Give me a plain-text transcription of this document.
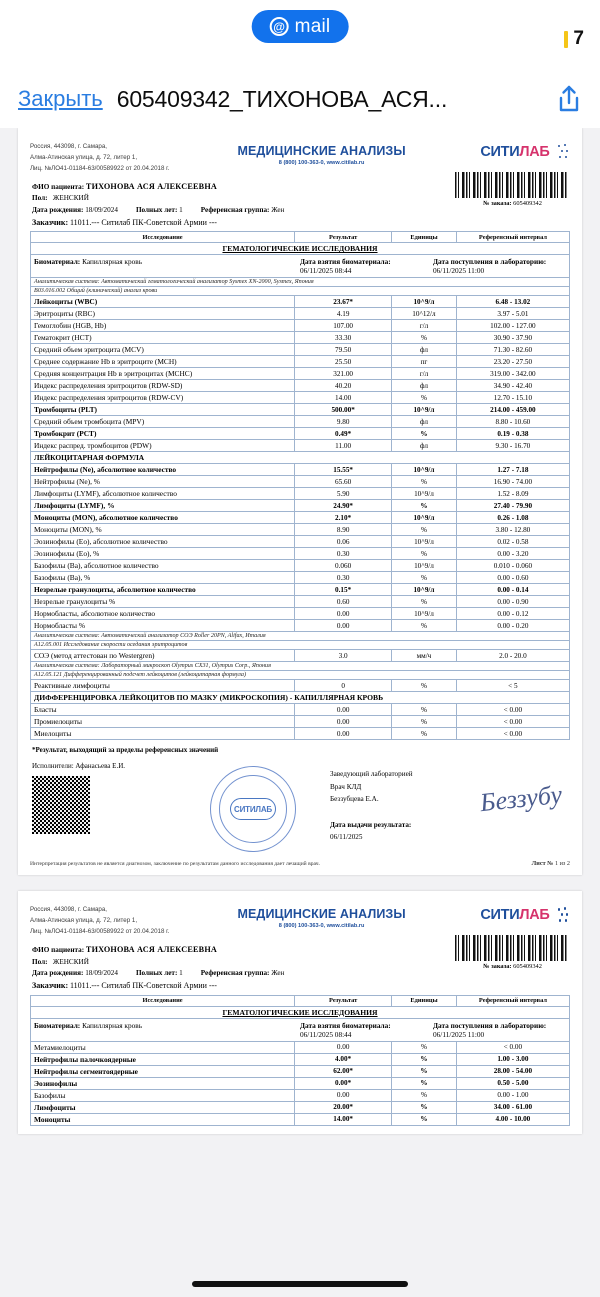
@ mail
7
Закрыть 605409342_ТИХОНОВА_АСЯ...
Россия, 443098, г. Самара,
Алма-Атинская улица, д. 72, литер 1,
Лиц. №ЛО41-01184-63/00589922 от 20.04.2018 г.
МЕДИЦИНСКИЕ АНАЛИЗЫ
8 (800) 100-363-0, www.citilab.ru
СИТИЛАБ
№ заказа: 605409342
ФИО пациента: ТИХОНОВА АСЯ АЛЕКСЕЕВНА
Пол: ЖЕНСКИЙ
Дата рождения: 18/09/2024	Полных лет: 1	Референсная группа: Жен
Заказчик: 11011.--- Ситилаб ПК-Советской Армии ---
Исследование	Результат	Единицы	Референсный интервал
ГЕМАТОЛОГИЧЕСКИЕ ИССЛЕДОВАНИЯ			

Биоматериал: Капиллярная кровь Дата взятия биоматериала:
06/11/2025 08:44
Дата поступления в лабораторию:
06/11/2025 11:00			

Аналитическая система: Автоматический гематологический анализатор Sysmex XN-2000, Sysmex, Япония			
B03.016.002 Общий (клинический) анализ крови			
Лейкоциты (WBC)	23.67*	10^9/л	6.48 - 13.02
Эритроциты (RBC)	4.19	10^12/л	3.97 - 5.01
Гемоглобин (HGB, Hb)	107.00	г/л	102.00 - 127.00
Гематокрит (HCT)	33.30	%	30.90 - 37.90
Средний объем эритроцита (MCV)	79.50	фл	71.30 - 82.60
Среднее содержание Hb в эритроците (MCH)	25.50	пг	23.20 - 27.50
Средняя концентрация Hb в эритроцитах (MCHC)	321.00	г/л	319.00 - 342.00
Индекс распределения эритроцитов (RDW-SD)	40.20	фл	34.90 - 42.40
Индекс распределения эритроцитов (RDW-CV)	14.00	%	12.70 - 15.10
Тромбоциты (PLT)	500.00*	10^9/л	214.00 - 459.00
Средний объем тромбоцита (MPV)	9.80	фл	8.80 - 10.60
Тромбокрит (PCT)	0.49*	%	0.19 - 0.38
Индекс распред. тромбоцитов (PDW)	11.00	фл	9.30 - 16.70
ЛЕЙКОЦИТАРНАЯ ФОРМУЛА			
Нейтрофилы (Ne), абсолютное количество	15.55*	10^9/л	1.27 - 7.18
Нейтрофилы (Ne), %	65.60	%	16.90 - 74.00
Лимфоциты (LYMF), абсолютное количество	5.90	10^9/л	1.52 - 8.09
Лимфоциты (LYMF), %	24.90*	%	27.40 - 79.90
Моноциты (MON), абсолютное количество	2.10*	10^9/л	0.26 - 1.08
Моноциты (MON), %	8.90	%	3.80 - 12.80
Эозинофилы (Eo), абсолютное количество	0.06	10^9/л	0.02 - 0.58
Эозинофилы (Eo), %	0.30	%	0.00 - 3.20
Базофилы (Ba), абсолютное количество	0.060	10^9/л	0.010 - 0.060
Базофилы (Ba), %	0.30	%	0.00 - 0.60
Незрелые гранулоциты, абсолютное количество	0.15*	10^9/л	0.00 - 0.14
Незрелые гранулоциты %	0.60	%	0.00 - 0.90
Нормобласты, абсолютное количество	0.00	10^9/л	0.00 - 0.12
Нормобласты %	0.00	%	0.00 - 0.20
Аналитическая система: Автоматический анализатор СОЭ Roller 20PN, Alifax, Италия			
A12.05.001 Исследование скорости оседания эритроцитов			
СОЭ (метод аттестован по Westergren)	3.0	мм/ч	2.0 - 20.0
Аналитическая система: Лабораторный микроскоп Olympus CX31, Olympus Corp., Япония			
A12.05.121 Дифференцированный подсчет лейкоцитов (лейкоцитарная формула)			
Реактивные лимфоциты	0	%	< 5
ДИФФЕРЕНЦИРОВКА ЛЕЙКОЦИТОВ ПО МАЗКУ (МИКРОСКОПИЯ) - КАПИЛЛЯРНАЯ КРОВЬ			
Бласты	0.00	%	< 0.00
Промиелоциты	0.00	%	< 0.00
Миелоциты	0.00	%	< 0.00
*Результат, выходящий за пределы референсных значений
Исполнители: Афанасьева Е.И.
СИТИЛАБ
Заведующий лабораторией
Врач КЛД
Беззубцева Е.А.
Дата выдачи результата:
06/11/2025
Беззубу
Интерпретация результатов не является диагнозом, заключение по результатам данного исследования дает лечащий врач.	Лист № 1 из 2
Россия, 443098, г. Самара,
Алма-Атинская улица, д. 72, литер 1,
Лиц. №ЛО41-01184-63/00589922 от 20.04.2018 г.
МЕДИЦИНСКИЕ АНАЛИЗЫ
8 (800) 100-363-0, www.citilab.ru
СИТИЛАБ
№ заказа: 605409342
ФИО пациента: ТИХОНОВА АСЯ АЛЕКСЕЕВНА
Пол: ЖЕНСКИЙ
Дата рождения: 18/09/2024	Полных лет: 1	Референсная группа: Жен
Заказчик: 11011.--- Ситилаб ПК-Советской Армии ---
Исследование	Результат	Единицы	Референсный интервал
ГЕМАТОЛОГИЧЕСКИЕ ИССЛЕДОВАНИЯ			

Биоматериал: Капиллярная кровь Дата взятия биоматериала:
06/11/2025 08:44
Дата поступления в лабораторию:
06/11/2025 11:00			

Метамиелоциты	0.00	%	< 0.00
Нейтрофилы палочкоядерные	4.00*	%	1.00 - 3.00
Нейтрофилы сегментоядерные	62.00*	%	28.00 - 54.00
Эозинофилы	0.00*	%	0.50 - 5.00
Базофилы	0.00	%	0.00 - 1.00
Лимфоциты	20.00*	%	34.00 - 61.00
Моноциты	14.00*	%	4.00 - 10.00
